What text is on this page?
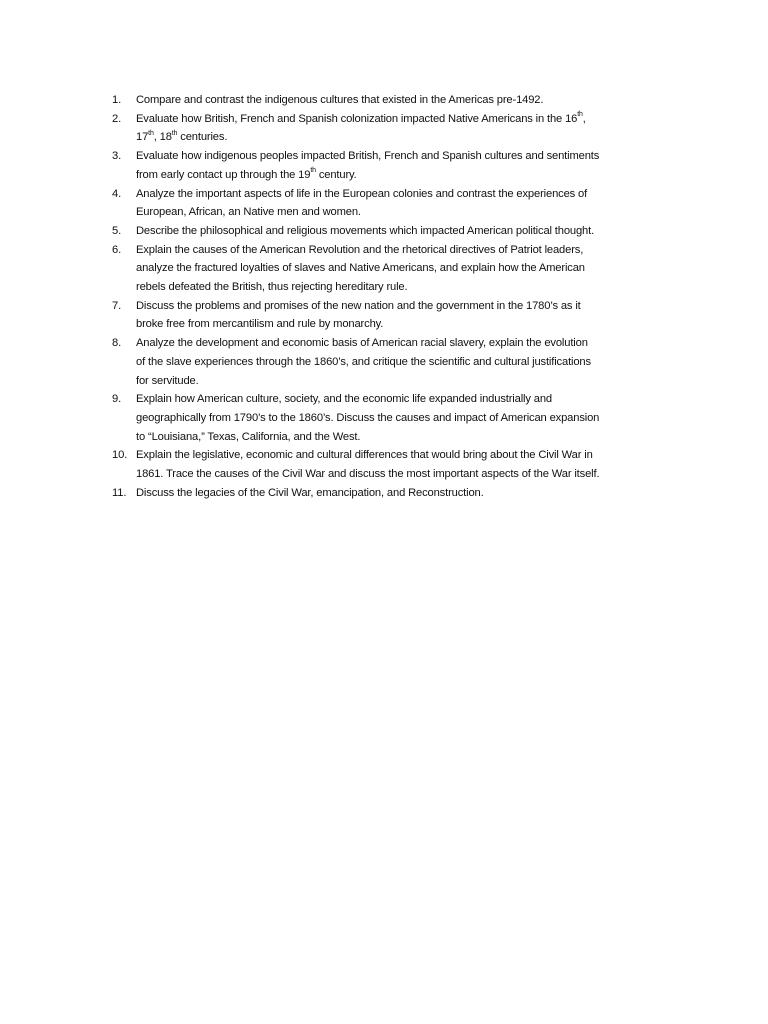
1. Compare and contrast the indigenous cultures that existed in the Americas pre-1492.
2. Evaluate how British, French and Spanish colonization impacted Native Americans in the 16th,
17th, 18th centuries.
3. Evaluate how indigenous peoples impacted British, French and Spanish cultures and sentiments
from early contact up through the 19th century.
4. Analyze the important aspects of life in the European colonies and contrast the experiences of
European, African, an Native men and women.
5. Describe the philosophical and religious movements which impacted American political thought.
6. Explain the causes of the American Revolution and the rhetorical directives of Patriot leaders,
analyze the fractured loyalties of slaves and Native Americans, and explain how the American
rebels defeated the British, thus rejecting hereditary rule.
7. Discuss the problems and promises of the new nation and the government in the 1780’s as it
broke free from mercantilism and rule by monarchy.
8. Analyze the development and economic basis of American racial slavery, explain the evolution
of the slave experiences through the 1860’s, and critique the scientific and cultural justifications
for servitude.
9. Explain how American culture, society, and the economic life expanded industrially and
geographically from 1790’s to the 1860’s. Discuss the causes and impact of American expansion
to “Louisiana,” Texas, California, and the West.
10. Explain the legislative, economic and cultural differences that would bring about the Civil War in
1861. Trace the causes of the Civil War and discuss the most important aspects of the War itself.
11. Discuss the legacies of the Civil War, emancipation, and Reconstruction.
